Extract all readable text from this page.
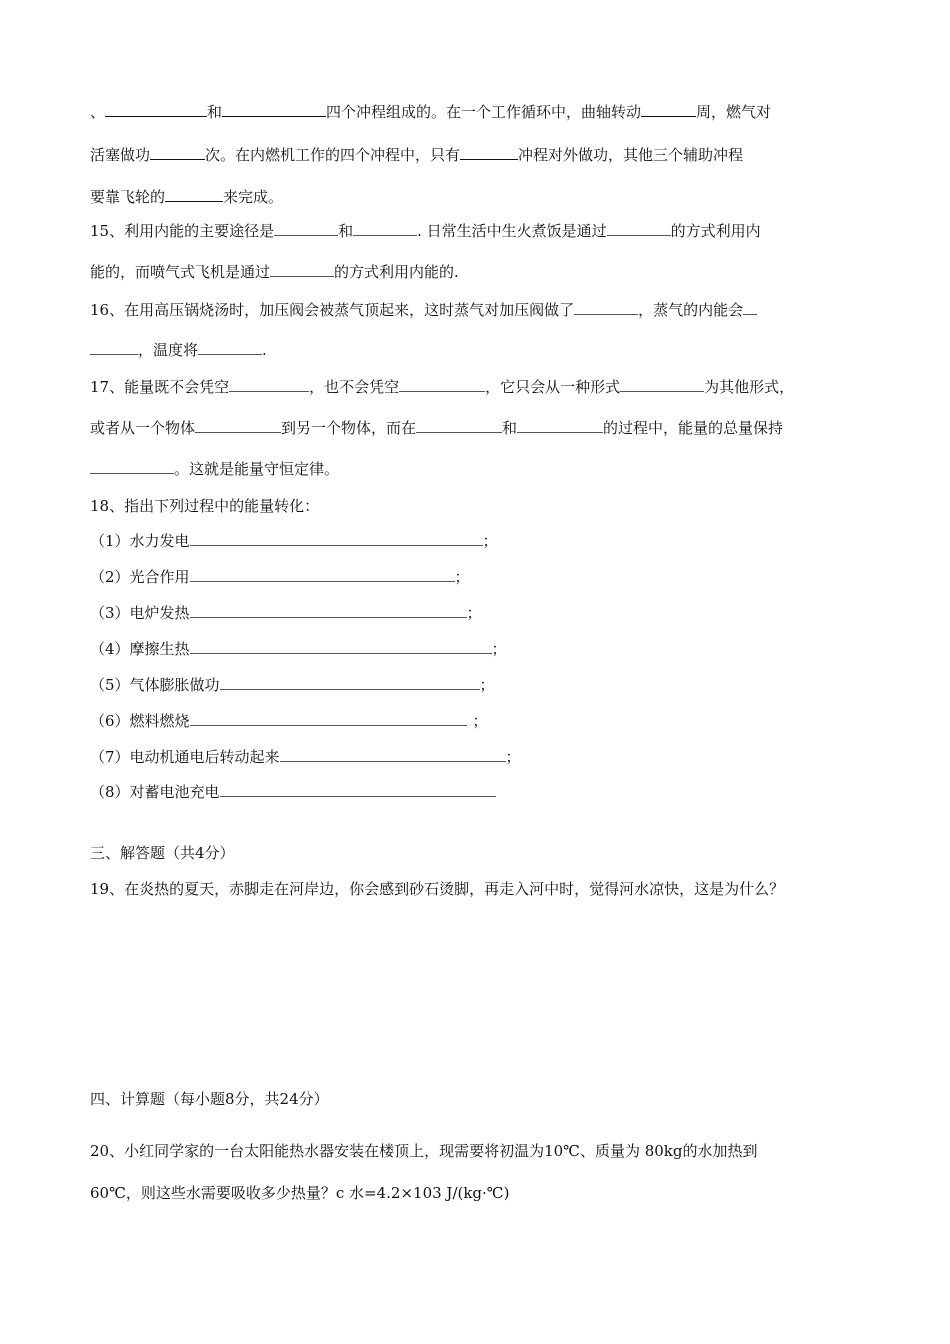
、	和	四个冲程组成的。在一个工作循环中，曲轴转动	周，燃气对
活塞做功	次。在内燃机工作的四个冲程中，只有	冲程对外做功，其他三个辅助冲程
要靠飞轮的	来完成。
15、利用内能的主要途径是	和	. 日常生活中生火煮饭是通过	的方式利用内
能的，而喷气式飞机是通过	的方式利用内能的.
16、在用高压锅烧汤时，加压阀会被蒸气顶起来，这时蒸气对加压阀做了	，蒸气的内能会
，温度将	.
17、能量既不会凭空	，也不会凭空	，它只会从一种形式	为其他形式，
或者从一个物体	到另一个物体，而在	和	的过程中，能量的总量保持
。这就是能量守恒定律。
18、指出下列过程中的能量转化：
（1）水力发电	；
（2）光合作用	；
（3）电炉发热	；
（4）摩擦生热	；
（5）气体膨胀做功	；
（6）燃料燃烧	；
（7）电动机通电后转动起来	；
（8）对蓄电池充电
三、解答题（共4分）
19、在炎热的夏天，赤脚走在河岸边，你会感到砂石烫脚，再走入河中时，觉得河水凉快，这是为什么？
四、计算题（每小题8分，共24分）
20、小红同学家的一台太阳能热水器安装在楼顶上，现需要将初温为10℃、质量为 80kg的水加热到
60℃，则这些水需要吸收多少热量？c 水=4.2×103 J/(kg·℃)
